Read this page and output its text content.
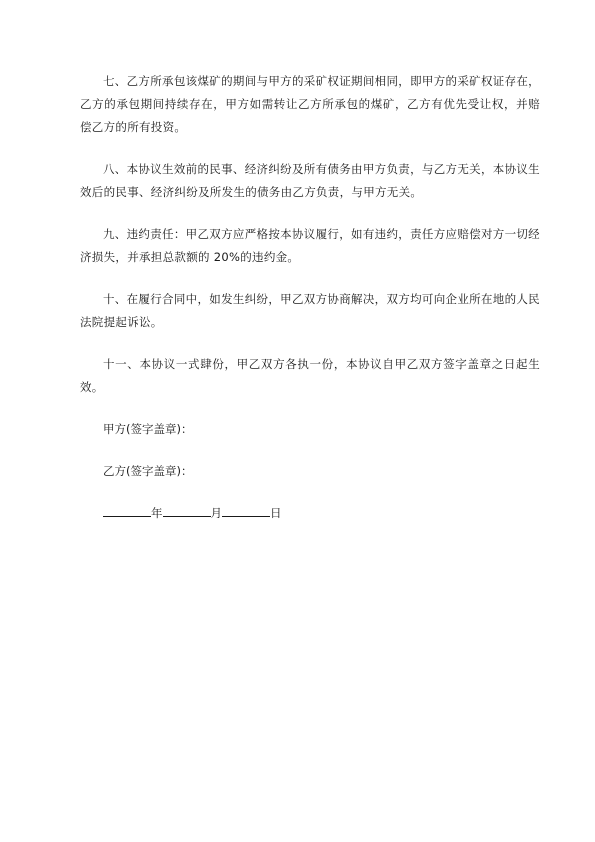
七、乙方所承包该煤矿的期间与甲方的采矿权证期间相同，即甲方的采矿权证存在，乙方的承包期间持续存在，甲方如需转让乙方所承包的煤矿，乙方有优先受让权，并赔偿乙方的所有投资。

八、本协议生效前的民事、经济纠纷及所有债务由甲方负责，与乙方无关，本协议生效后的民事、经济纠纷及所发生的债务由乙方负责，与甲方无关。

九、违约责任：甲乙双方应严格按本协议履行，如有违约，责任方应赔偿对方一切经济损失，并承担总款额的 20%的违约金。

十、在履行合同中，如发生纠纷，甲乙双方协商解决，双方均可向企业所在地的人民法院提起诉讼。

十一、本协议一式肆份，甲乙双方各执一份，本协议自甲乙双方签字盖章之日起生效。

甲方(签字盖章)：

乙方(签字盖章)：

年	月	日
